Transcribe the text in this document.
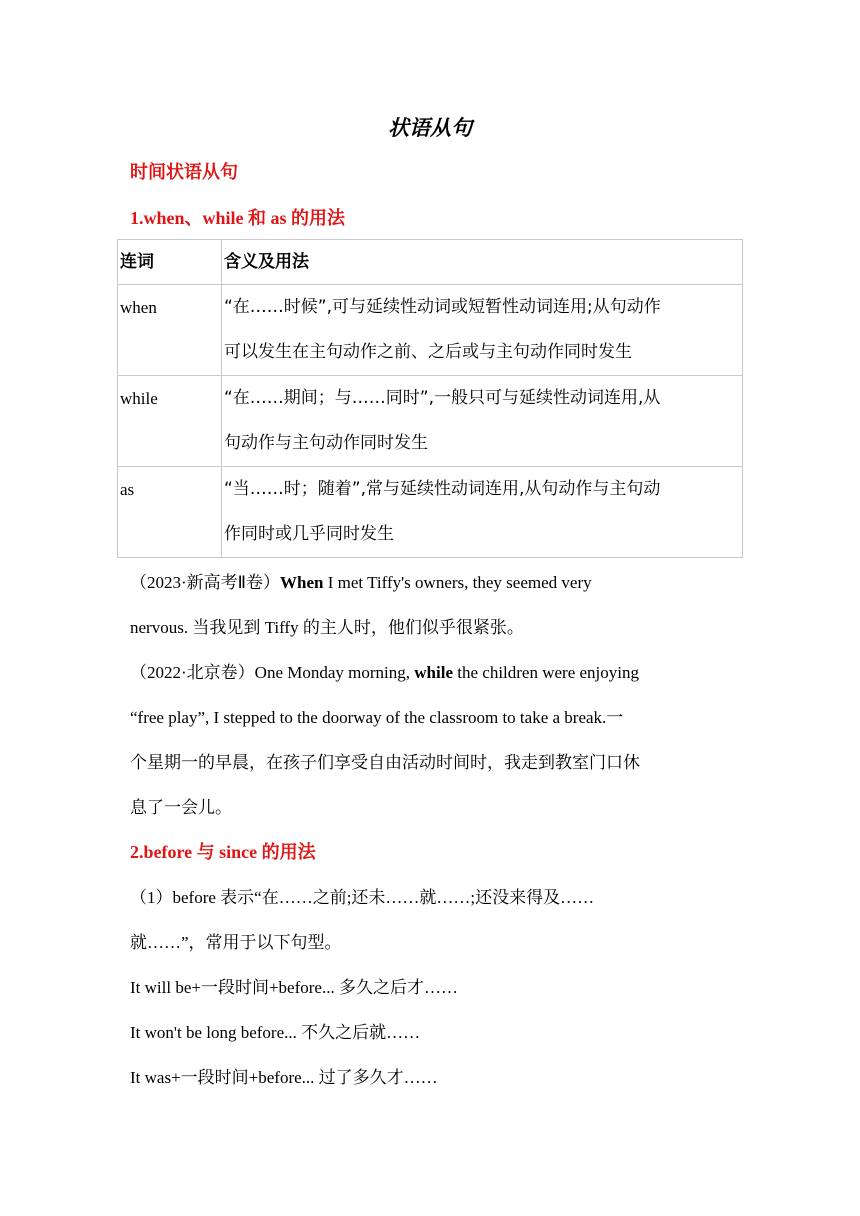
状语从句
时间状语从句
1.when、while 和 as 的用法
连词	含义及用法

when	“在……时候”,可与延续性动词或短暂性动词连用;从句动作
可以发生在主句动作之前、之后或与主句动作同时发生

while	“在……期间；与……同时”,一般只可与延续性动词连用,从
句动作与主句动作同时发生

as	“当……时；随着”,常与延续性动词连用,从句动作与主句动
作同时或几乎同时发生
（2023·新高考Ⅱ卷）When I met Tiffy's owners, they seemed very
nervous. 当我见到 Tiffy 的主人时，他们似乎很紧张。
（2022·北京卷）One Monday morning, while the children were enjoying
“free play”, I stepped to the doorway of the classroom to take a break.一
个星期一的早晨，在孩子们享受自由活动时间时，我走到教室门口休
息了一会儿。
2.before 与 since 的用法
（1）before 表示“在……之前;还未……就……;还没来得及……
就……”，常用于以下句型。
It will be+一段时间+before... 多久之后才……
It won't be long before... 不久之后就……
It was+一段时间+before... 过了多久才……
